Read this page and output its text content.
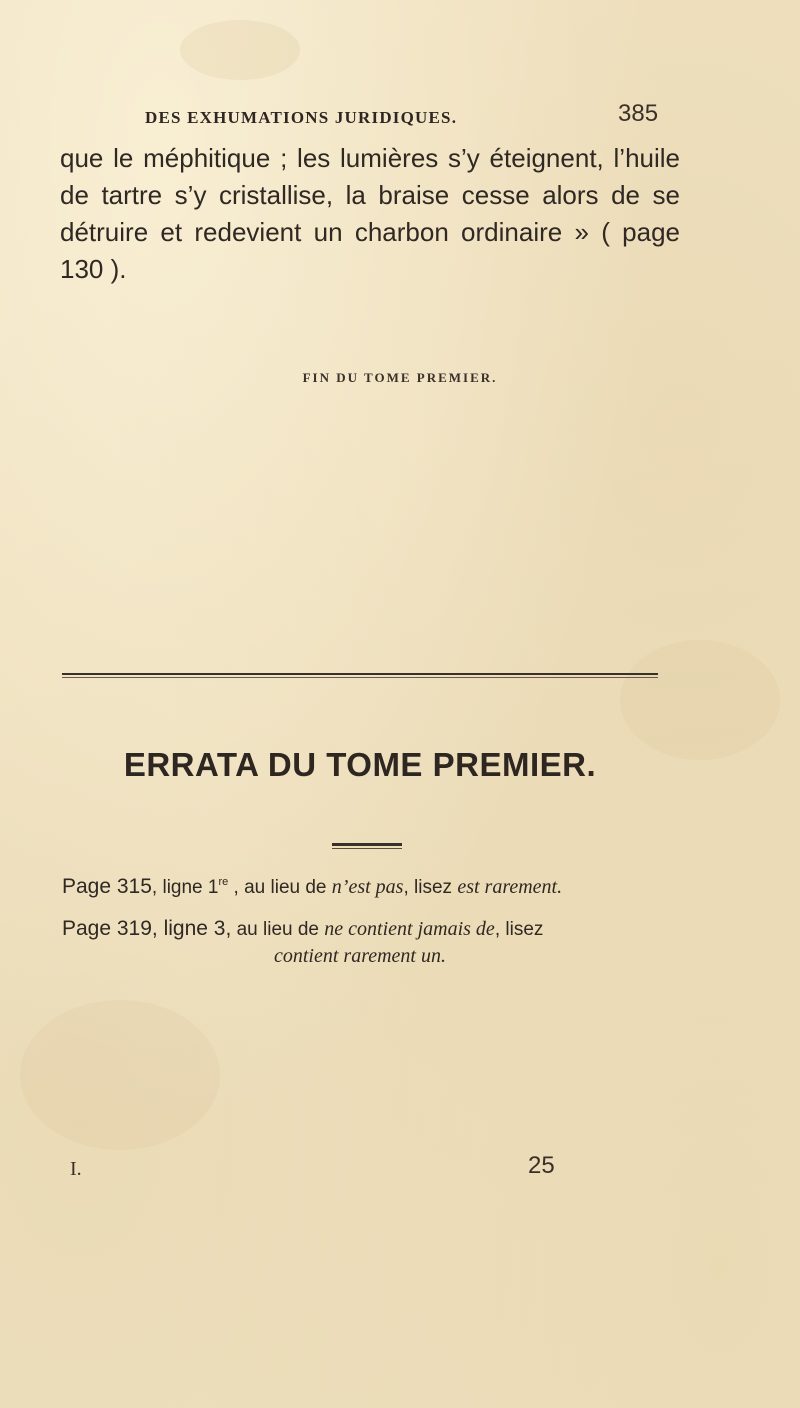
DES EXHUMATIONS JURIDIQUES.	385
que le méphitique ; les lumières s’y éteignent, l’huile
de tartre s’y cristallise, la braise cesse alors de se
détruire et redevient un charbon ordinaire » ( page
130 ).
FIN DU TOME PREMIER.
ERRATA DU TOME PREMIER.
Page 315, ligne 1re , au lieu de n’est pas, lisez est rarement.
Page 319, ligne 3, au lieu de ne contient jamais de, lisez
contient rarement un.
I.	25
